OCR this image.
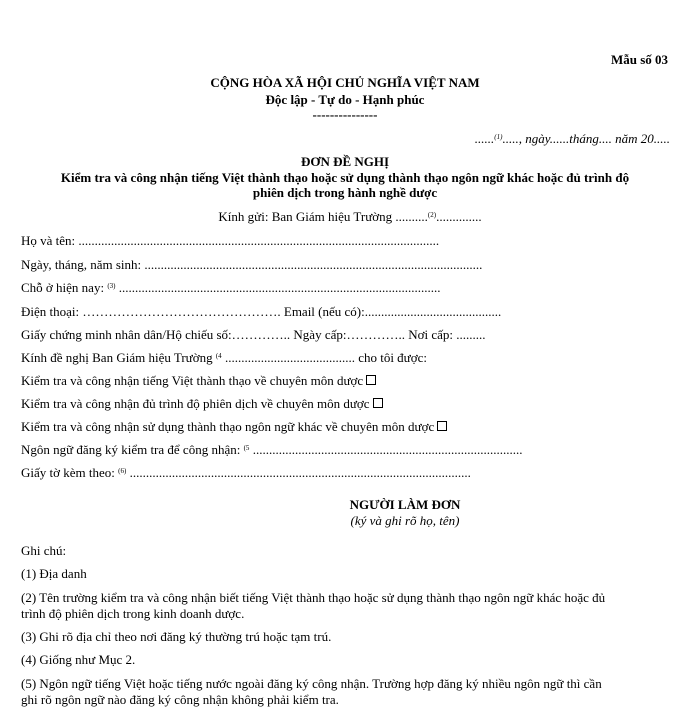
Mẫu số 03
CỘNG HÒA XÃ HỘI CHỦ NGHĨA VIỆT NAM
Độc lập - Tự do - Hạnh phúc
---------------
......$^{(1)}$....., ngày......tháng.... năm 20.....
ĐƠN ĐỀ NGHỊ
Kiểm tra và công nhận tiếng Việt thành thạo hoặc sử dụng thành thạo ngôn ngữ khác hoặc đủ trình độ
phiên dịch trong hành nghề dược
Kính gửi: Ban Giám hiệu Trường ..........$^{(2)}$..............
Họ và tên: ...............................................................................................................
Ngày, tháng, năm sinh: ........................................................................................................
Chỗ ở hiện nay: $^{(3)}$ ...................................................................................................
Điện thoại: ………………………………………. Email (nếu có):..........................................
Giấy chứng minh nhân dân/Hộ chiếu số:………….. Ngày cấp:………….. Nơi cấp: .........
Kính đề nghị Ban Giám hiệu Trường $^{(4}$ ........................................ cho tôi được:
Kiểm tra và công nhận tiếng Việt thành thạo về chuyên môn dược
Kiểm tra và công nhận đủ trình độ phiên dịch về chuyên môn dược
Kiểm tra và công nhận sử dụng thành thạo ngôn ngữ khác về chuyên môn dược
Ngôn ngữ đăng ký kiểm tra để công nhận: $^{(5}$ ...................................................................................
Giấy tờ kèm theo: $^{(6)}$ .........................................................................................................
NGƯỜI LÀM ĐƠN
(ký và ghi rõ họ, tên)
Ghi chú:
(1) Địa danh
(2) Tên trường kiểm tra và công nhận biết tiếng Việt thành thạo hoặc sử dụng thành thạo ngôn ngữ khác hoặc đủ
trình độ phiên dịch trong kinh doanh dược.
(3) Ghi rõ địa chỉ theo nơi đăng ký thường trú hoặc tạm trú.
(4) Giống như Mục 2.
(5) Ngôn ngữ tiếng Việt hoặc tiếng nước ngoài đăng ký công nhận. Trường hợp đăng ký nhiều ngôn ngữ thì cần
ghi rõ ngôn ngữ nào đăng ký công nhận không phải kiểm tra.
